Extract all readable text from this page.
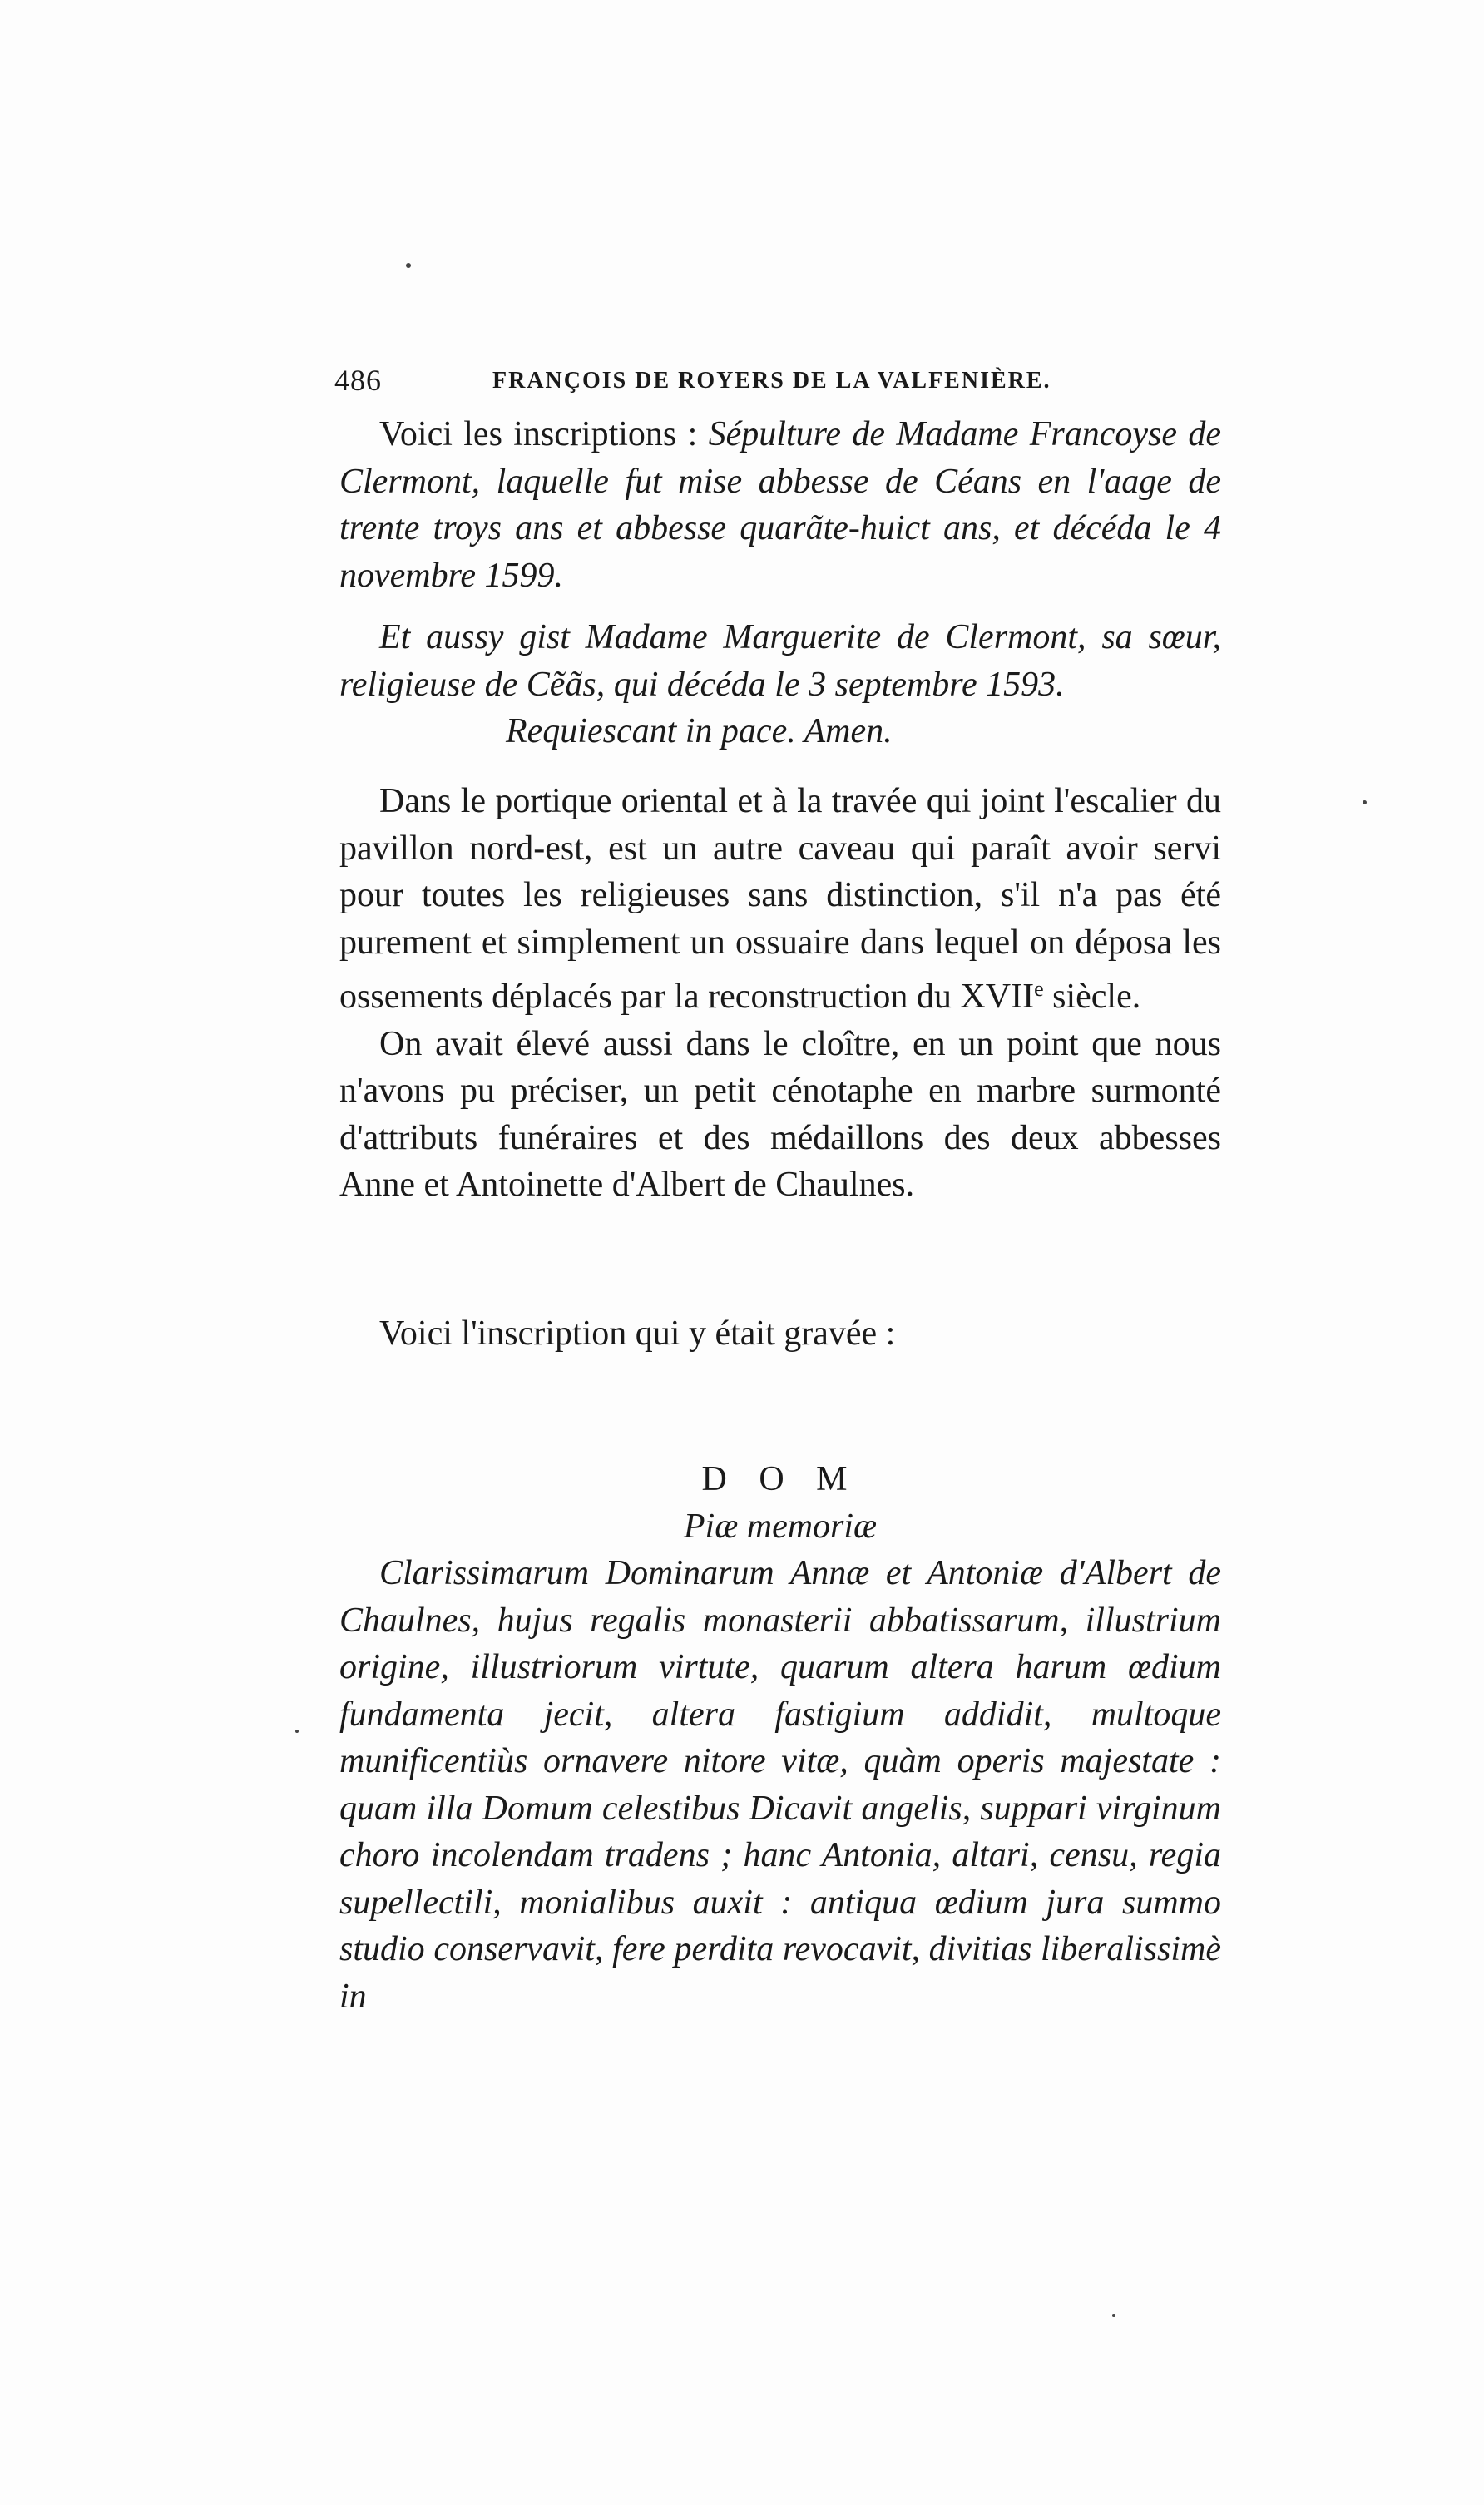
486	FRANÇOIS DE ROYERS DE LA VALFENIÈRE.

Voici les inscriptions : Sépulture de Madame Francoyse de Clermont, laquelle fut mise abbesse de Céans en l'aage de trente troys ans et abbesse quarãte-huict ans, et décéda le 4 novembre 1599.

Et aussy gist Madame Marguerite de Clermont, sa sœur, religieuse de Cẽãs, qui décéda le 3 septembre 1593.

Requiescant in pace. Amen.

Dans le portique oriental et à la travée qui joint l'escalier du pavillon nord-est, est un autre caveau qui paraît avoir servi pour toutes les religieuses sans distinction, s'il n'a pas été purement et simplement un ossuaire dans lequel on déposa les ossements déplacés par la reconstruction du XVIIe siècle.

On avait élevé aussi dans le cloître, en un point que nous n'avons pu préciser, un petit cénotaphe en marbre surmonté d'attributs funéraires et des médaillons des deux abbesses Anne et Antoinette d'Albert de Chaulnes.

Voici l'inscription qui y était gravée :

D O M

Piæ memoriæ

Clarissimarum Dominarum Annæ et Antoniæ d'Albert de Chaulnes, hujus regalis monasterii abbatissarum, illustrium origine, illustriorum virtute, quarum altera harum œdium fundamenta jecit, altera fastigium addidit, multoque munificentiùs ornavere nitore vitæ, quàm operis majestate : quam illa Domum celestibus Dicavit angelis, suppari virginum choro incolendam tradens ; hanc Antonia, altari, censu, regia supellectili, monialibus auxit : antiqua œdium jura summo studio conservavit, fere perdita revocavit, divitias liberalissimè in
